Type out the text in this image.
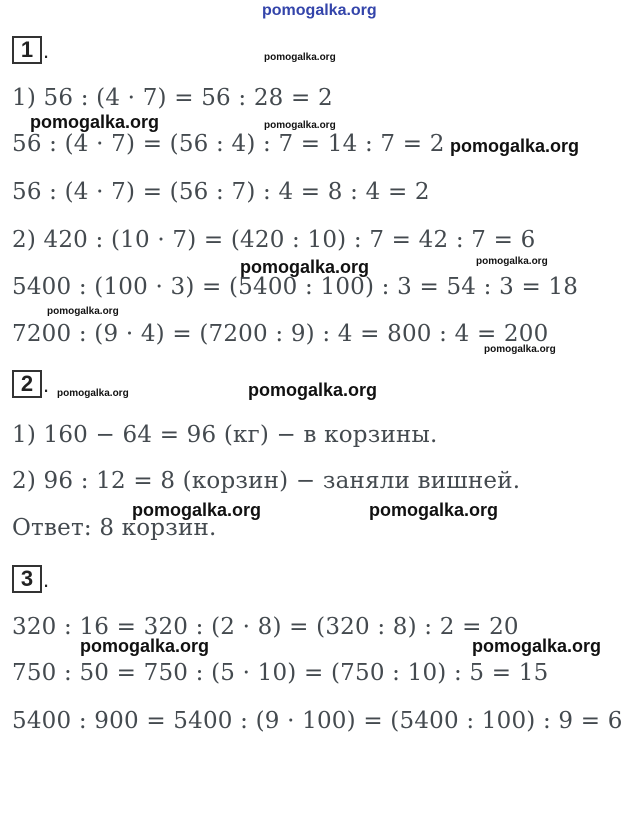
pomogalka.org
1 .
1) 56 : (4 · 7) = 56 : 28 = 2
56 : (4 · 7) = (56 : 4) : 7 = 14 : 7 = 2
56 : (4 · 7) = (56 : 7) : 4 = 8 : 4 = 2
2) 420 : (10 · 7) = (420 : 10) : 7 = 42 : 7 = 6
5400 : (100 · 3) = (5400 : 100) : 3 = 54 : 3 = 18
7200 : (9 · 4) = (7200 : 9) : 4 = 800 : 4 = 200
2 .
1) 160 − 64 = 96 (кг) − в корзины.
2) 96 : 12 = 8 (корзин) − заняли вишней.
Ответ: 8 корзин.
3 .
320 : 16 = 320 : (2 · 8) = (320 : 8) : 2 = 20
750 : 50 = 750 : (5 · 10) = (750 : 10) : 5 = 15
5400 : 900 = 5400 : (9 · 100) = (5400 : 100) : 9 = 6
pomogalka.org
pomogalka.org
pomogalka.org
pomogalka.org
pomogalka.org	pomogalka.org
pomogalka.org
pomogalka.org
pomogalka.org	pomogalka.org
pomogalka.org	pomogalka.org
pomogalka.org	pomogalka.org
